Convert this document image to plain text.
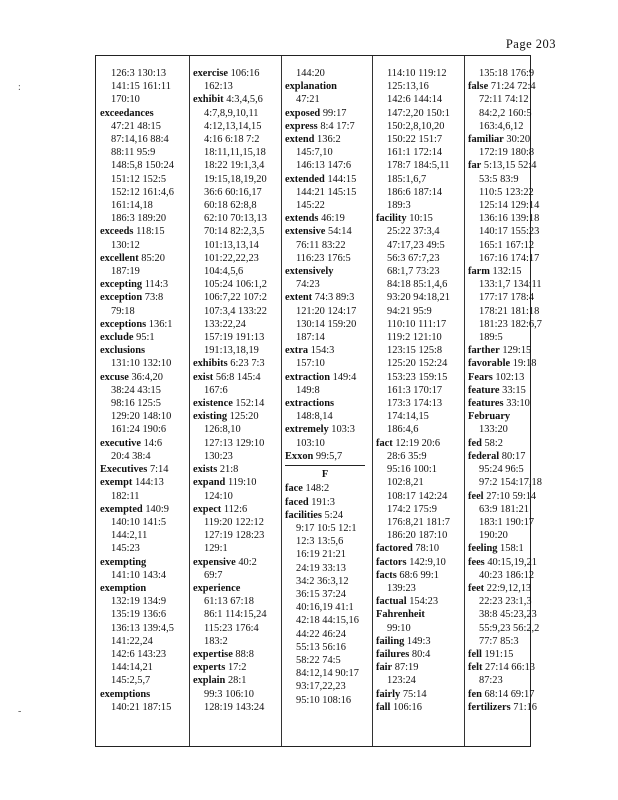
Page 203
126:3 130:13
141:15 161:11
170:10
exceedances
47:21 48:15
87:14,16 88:4
88:11 95:9
148:5,8 150:24
151:12 152:5
152:12 161:4,6
161:14,18
186:3 189:20
exceeds 118:15
130:12
excellent 85:20
187:19
excepting 114:3
exception 73:8
79:18
exceptions 136:1
exclude 95:1
exclusions
131:10 132:10
excuse 36:4,20
38:24 43:15
98:16 125:5
129:20 148:10
161:24 190:6
executive 14:6
20:4 38:4
Executives 7:14
exempt 144:13
182:11
exempted 140:9
140:10 141:5
144:2,11
145:23
exempting
141:10 143:4
exemption
132:19 134:9
135:19 136:6
136:13 139:4,5
141:22,24
142:6 143:23
144:14,21
145:2,5,7
exemptions
140:21 187:15
exercise 106:16
162:13
exhibit 4:3,4,5,6
4:7,8,9,10,11
4:12,13,14,15
4:16 6:18 7:2
18:11,11,15,18
18:22 19:1,3,4
19:15,18,19,20
36:6 60:16,17
60:18 62:8,8
62:10 70:13,13
70:14 82:2,3,5
101:13,13,14
101:22,22,23
104:4,5,6
105:24 106:1,2
106:7,22 107:2
107:3,4 133:22
133:22,24
157:19 191:13
191:13,18,19
exhibits 6:23 7:3
exist 56:8 145:4
167:6
existence 152:14
existing 125:20
126:8,10
127:13 129:10
130:23
exists 21:8
expand 119:10
124:10
expect 112:6
119:20 122:12
127:19 128:23
129:1
expensive 40:2
69:7
experience
61:13 67:18
86:1 114:15,24
115:23 176:4
183:2
expertise 88:8
experts 17:2
explain 28:1
99:3 106:10
128:19 143:24
144:20
explanation
47:21
exposed 99:17
express 8:4 17:7
extend 136:2
145:7,10
146:13 147:6
extended 144:15
144:21 145:15
145:22
extends 46:19
extensive 54:14
76:11 83:22
116:23 176:5
extensively
74:23
extent 74:3 89:3
121:20 124:17
130:14 159:20
187:14
extra 154:3
157:10
extraction 149:4
149:8
extractions
148:8,14
extremely 103:3
103:10
Exxon 99:5,7
F
face 148:2
faced 191:3
facilities 5:24
9:17 10:5 12:1
12:3 13:5,6
16:19 21:21
24:19 33:13
34:2 36:3,12
36:15 37:24
40:16,19 41:1
42:18 44:15,16
44:22 46:24
55:13 56:16
58:22 74:5
84:12,14 90:17
93:17,22,23
95:10 108:16
114:10 119:12
125:13,16
142:6 144:14
147:2,20 150:1
150:2,8,10,20
150:22 151:7
161:1 172:14
178:7 184:5,11
185:1,6,7
186:6 187:14
189:3
facility 10:15
25:22 37:3,4
47:17,23 49:5
56:3 67:7,23
68:1,7 73:23
84:18 85:1,4,6
93:20 94:18,21
94:21 95:9
110:10 111:17
119:2 121:10
123:15 125:8
125:20 152:24
153:23 159:15
161:3 170:17
173:3 174:13
174:14,15
186:4,6
fact 12:19 20:6
28:6 35:9
95:16 100:1
102:8,21
108:17 142:24
174:2 175:9
176:8,21 181:7
186:20 187:10
factored 78:10
factors 142:9,10
facts 68:6 99:1
139:23
factual 154:23
Fahrenheit
99:10
failing 149:3
failures 80:4
fair 87:19
123:24
fairly 75:14
fall 106:16
135:18 176:9
false 71:24 72:4
72:11 74:12
84:2,2 160:5
163:4,6,12
familiar 30:20
172:19 180:8
far 5:13,15 52:4
53:5 83:9
110:5 123:22
125:14 129:14
136:16 139:18
140:17 155:23
165:1 167:12
167:16 174:17
farm 132:15
133:1,7 134:11
177:17 178:4
178:21 181:18
181:23 182:6,7
189:5
farther 129:15
favorable 19:18
Fears 102:13
feature 33:15
features 33:10
February
133:20
fed 58:2
federal 80:17
95:24 96:5
97:2 154:17,18
feel 27:10 59:14
63:9 181:21
183:1 190:17
190:20
feeling 158:1
fees 40:15,19,21
40:23 186:12
feet 22:9,12,13
22:23 23:1,3
38:8 45:23,23
55:9,23 56:2,2
77:7 85:3
fell 191:15
felt 27:14 66:13
87:23
fen 68:14 69:17
fertilizers 71:16
:
-
